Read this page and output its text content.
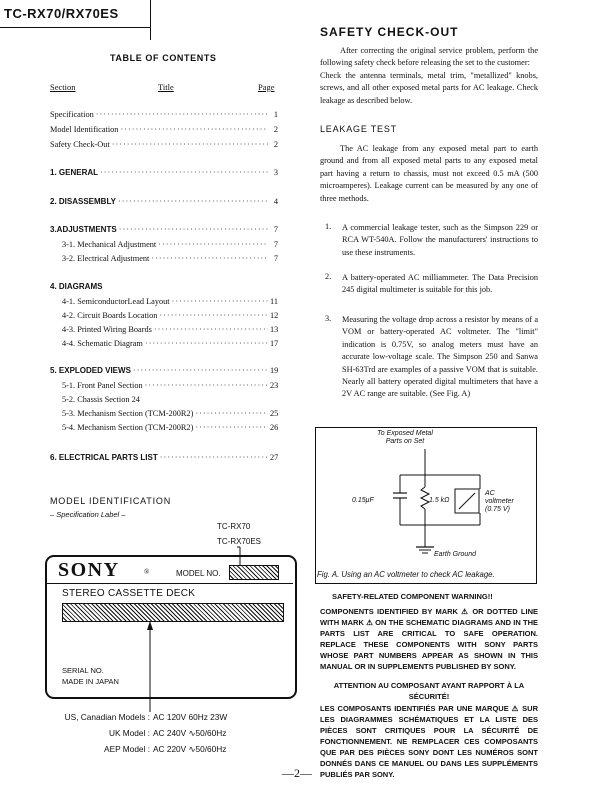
TC-RX70/RX70ES
TABLE OF CONTENTS
Section	Title	Page
Specification ·····	1
Model Identification ·····	2
Safety Check-Out ·····	2
1. GENERAL ·····	3
2. DISASSEMBLY ·····	4
3.ADJUSTMENTS ·····	7
3-1. Mechanical Adjustment ·····	7
3-2. Electrical Adjustment ·····	7
4. DIAGRAMS
4-1. SemiconductorLead Layout ·····	11
4-2. Circuit Boards Location ·····	12
4-3. Printed Wiring Boards ·····	13
4-4. Schematic Diagram ·····	17
5. EXPLODED VIEWS ·····	19
5-1. Front Panel Section ·····	23
5-2. Chassis Section 24
5-3. Mechanism Section (TCM-200R2) ·····	25
5-4. Mechanism Section (TCM-200R2) ·····	26
6. ELECTRICAL PARTS LIST ·····	27
MODEL IDENTIFICATION
– Specification Label –
TC-RX70
TC-RX70ES
SONY	®	MODEL NO.
STEREO CASSETTE DECK
SERIAL NO.
MADE IN JAPAN
US, Canadian Models : AC 120V 60Hz 23W
UK Model : AC 240V ∿50/60Hz
AEP Model : AC 220V ∿50/60Hz
—2—
SAFETY CHECK-OUT
After correcting the original service problem, perform the following safety check before releasing the set to the customer:
Check the antenna terminals, metal trim, "metallized" knobs, screws, and all other exposed metal parts for AC leakage. Check leakage as described below.
LEAKAGE TEST
The AC leakage from any exposed metal part to earth ground and from all exposed metal parts to any exposed metal part having a return to chassis, must not exceed 0.5 mA (500 microamperes). Leakage current can be measured by any one of three methods.
1. A commercial leakage tester, such as the Simpson 229 or RCA WT-540A. Follow the manufacturers' instructions to use these instruments.
2. A battery-operated AC milliammeter. The Data Precision 245 digital multimeter is suitable for this job.
3. Measuring the voltage drop across a resistor by means of a VOM or battery-operated AC voltmeter. The "limit" indication is 0.75V, so analog meters must have an accurate low-voltage scale. The Simpson 250 and Sanwa SH-63Trd are examples of a passive VOM that is suitable. Nearly all battery operated digital multimeters that have a 2V AC range are suitable. (See Fig. A)
To Exposed Metal
Parts on Set
0.15μF	1.5 kΩ
AC
voltmeter
(0.75 V)
Earth Ground
Fig. A. Using an AC voltmeter to check AC leakage.
SAFETY-RELATED COMPONENT WARNING!!
COMPONENTS IDENTIFIED BY MARK ⚠ OR DOTTED LINE WITH MARK ⚠ ON THE SCHEMATIC DIAGRAMS AND IN THE PARTS LIST ARE CRITICAL TO SAFE OPERATION. REPLACE THESE COMPONENTS WITH SONY PARTS WHOSE PART NUMBERS APPEAR AS SHOWN IN THIS MANUAL OR IN SUPPLEMENTS PUBLISHED BY SONY.
ATTENTION AU COMPOSANT AYANT RAPPORT À LA SÉCURITÉ!
LES COMPOSANTS IDENTIFIÉS PAR UNE MARQUE ⚠ SUR LES DIAGRAMMES SCHÉMATIQUES ET LA LISTE DES PIÈCES SONT CRITIQUES POUR LA SÉCURITÉ DE FONCTIONNEMENT. NE REMPLACER CES COMPOSANTS QUE PAR DES PIÈCES SONY DONT LES NUMÉROS SONT DONNÉS DANS CE MANUEL OU DANS LES SUPPLÉMENTS PUBLIÉS PAR SONY.
